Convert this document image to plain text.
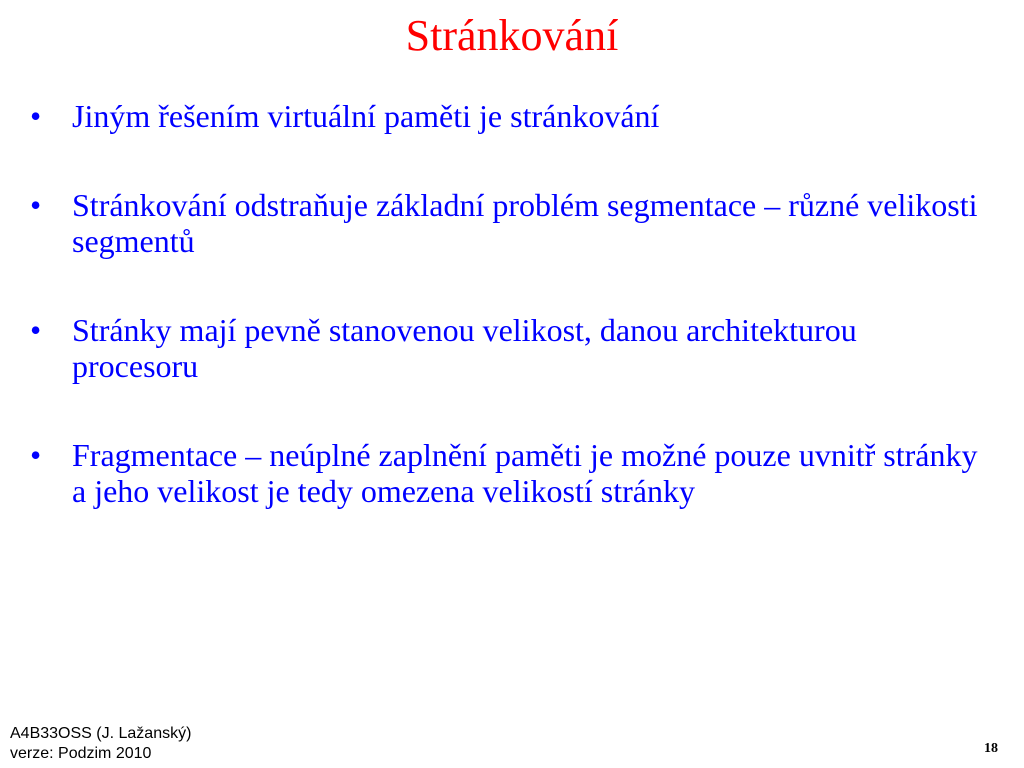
Stránkování
• Jiným řešením virtuální paměti je stránkování
• Stránkování odstraňuje základní problém segmentace – různé velikosti segmentů
• Stránky mají pevně stanovenou velikost, danou architekturou procesoru
• Fragmentace – neúplné zaplnění paměti je možné pouze uvnitř stránky a jeho velikost je tedy omezena velikostí stránky
A4B33OSS (J. Lažanský)
verze: Podzim 2010	18
